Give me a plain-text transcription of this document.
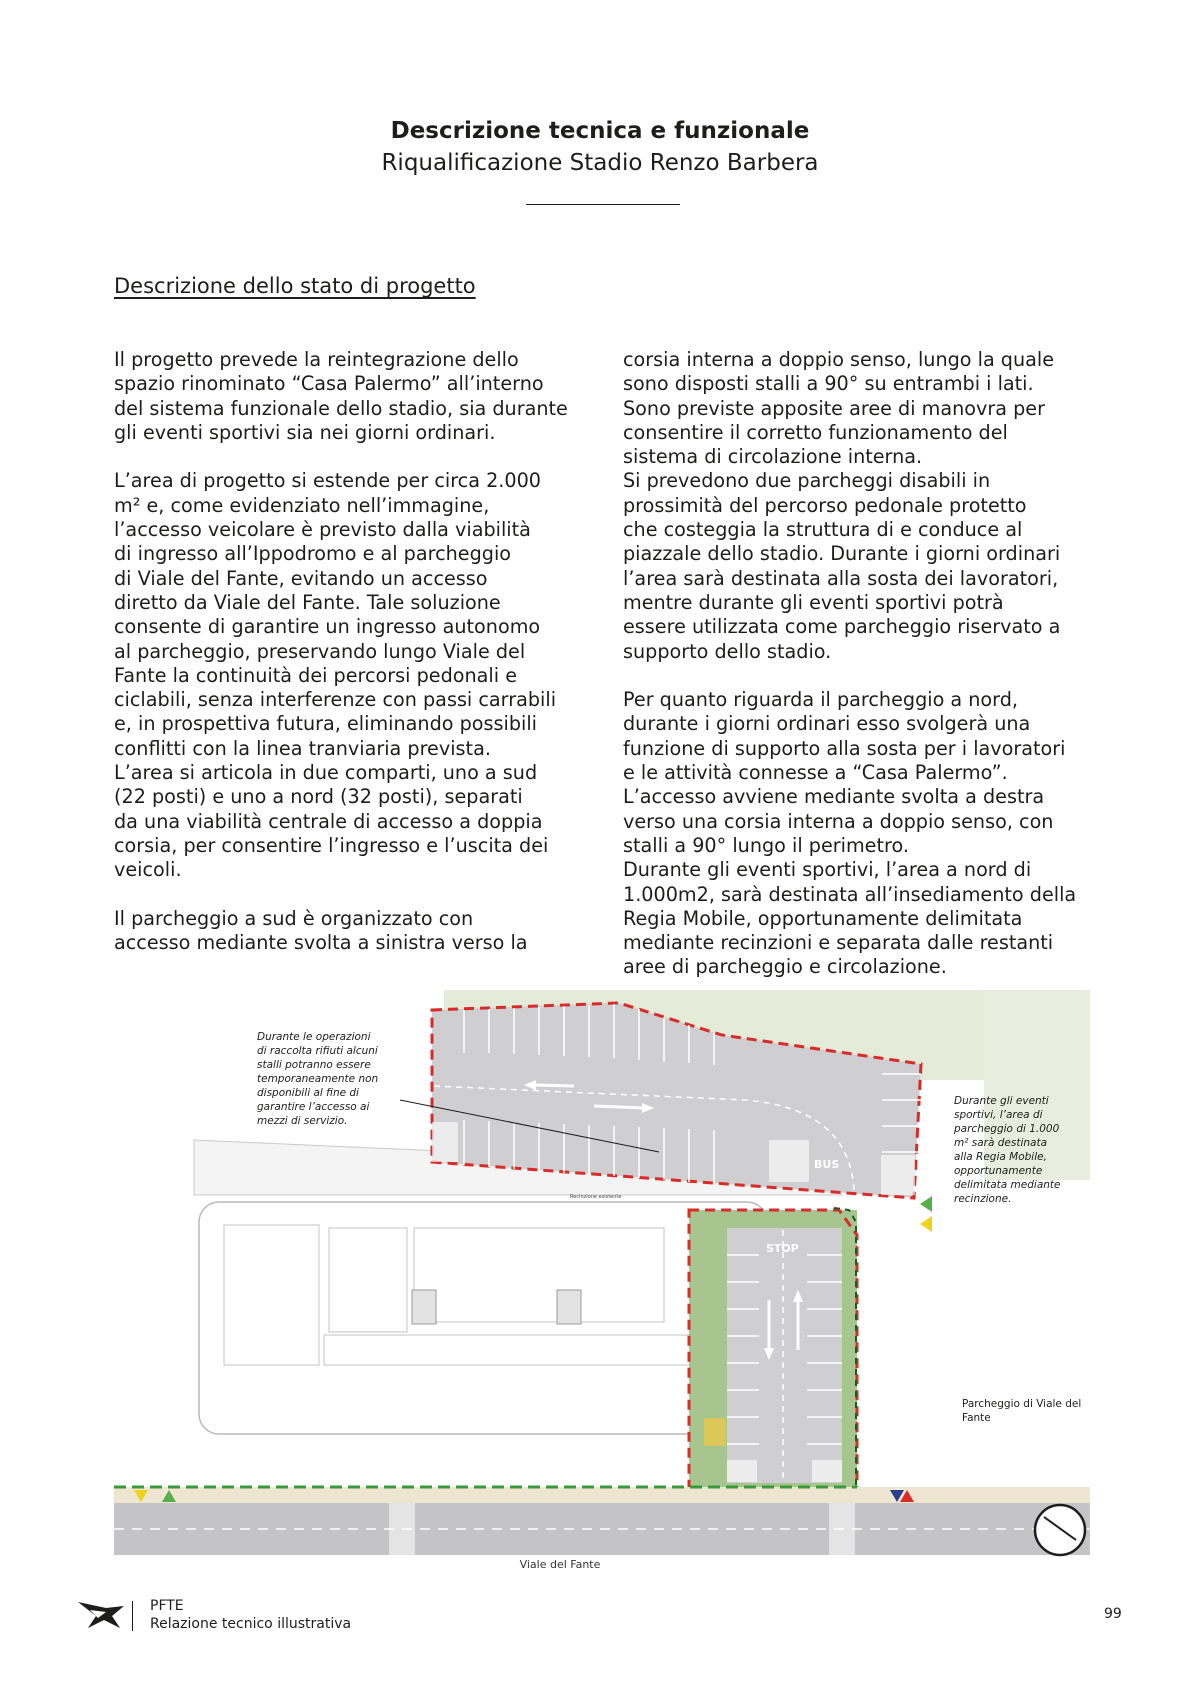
Descrizione tecnica e funzionale
Riqualificazione Stadio Renzo Barbera
Descrizione dello stato di progetto

Il progetto prevede la reintegrazione dello
spazio rinominato “Casa Palermo” all’interno
del sistema funzionale dello stadio, sia durante
gli eventi sportivi sia nei giorni ordinari.

L’area di progetto si estende per circa 2.000
m² e, come evidenziato nell’immagine,
l’accesso veicolare è previsto dalla viabilità
di ingresso all’Ippodromo e al parcheggio
di Viale del Fante, evitando un accesso
diretto da Viale del Fante. Tale soluzione
consente di garantire un ingresso autonomo
al parcheggio, preservando lungo Viale del
Fante la continuità dei percorsi pedonali e
ciclabili, senza interferenze con passi carrabili
e, in prospettiva futura, eliminando possibili
conflitti con la linea tranviaria prevista.
L’area si articola in due comparti, uno a sud
(22 posti) e uno a nord (32 posti), separati
da una viabilità centrale di accesso a doppia
corsia, per consentire l’ingresso e l’uscita dei
veicoli.

Il parcheggio a sud è organizzato con
accesso mediante svolta a sinistra verso la

corsia interna a doppio senso, lungo la quale
sono disposti stalli a 90° su entrambi i lati.
Sono previste apposite aree di manovra per
consentire il corretto funzionamento del
sistema di circolazione interna.
Si prevedono due parcheggi disabili in
prossimità del percorso pedonale protetto
che costeggia la struttura di e conduce al
piazzale dello stadio. Durante i giorni ordinari
l’area sarà destinata alla sosta dei lavoratori,
mentre durante gli eventi sportivi potrà
essere utilizzata come parcheggio riservato a
supporto dello stadio.

Per quanto riguarda il parcheggio a nord,
durante i giorni ordinari esso svolgerà una
funzione di supporto alla sosta per i lavoratori
e le attività connesse a “Casa Palermo”.
L’accesso avviene mediante svolta a destra
verso una corsia interna a doppio senso, con
stalli a 90° lungo il perimetro.
Durante gli eventi sportivi, l’area a nord di
1.000m2, sarà destinata all’insediamento della
Regia Mobile, opportunamente delimitata
mediante recinzioni e separata dalle restanti
aree di parcheggio e circolazione.

BUS
STOP
Viale del Fante
Durante le operazioni
di raccolta rifiuti alcuni
stalli potranno essere
temporaneamente non
disponibili al fine di
garantire l’accesso ai
mezzi di servizio.
Durante gli eventi
sportivi, l’area di
parcheggio di 1.000
m² sarà destinata
alla Regia Mobile,
opportunamente
delimitata mediante
recinzione.
Parcheggio di Viale del
Fante
Recinzione esistente
PFTE
Relazione tecnico illustrativa
99
